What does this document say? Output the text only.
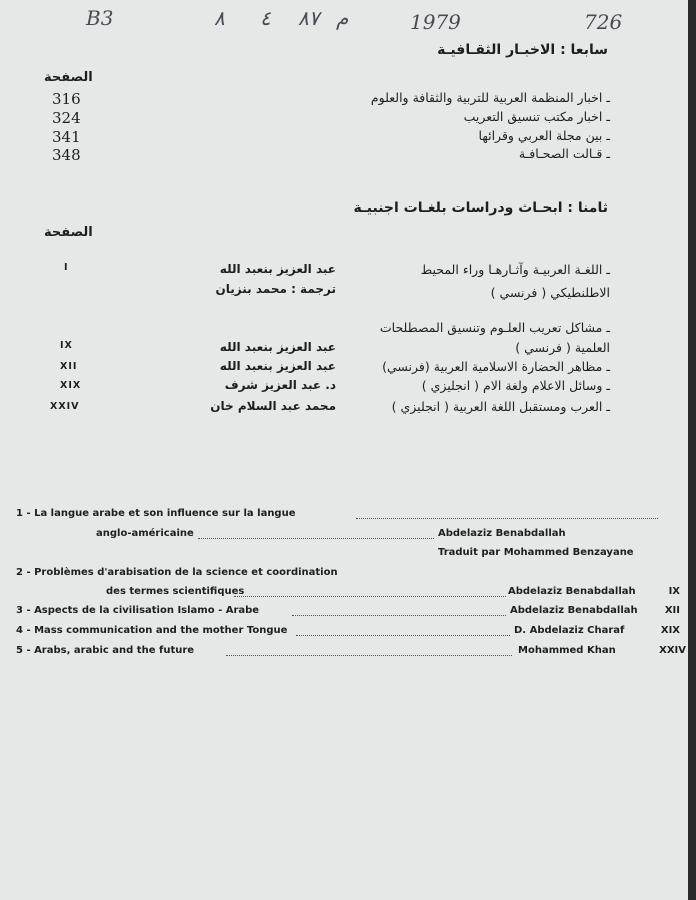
B3	٨ ٤ ٨٧ م	1979	726
سابعا : الاخبـار الثقـافيـة
الصفحة
ـ اخبار المنظمة العربية للتربية والثقافة والعلوم
316
ـ اخبار مكتب تنسيق التعريب
324
ـ بين مجلة العربي وقرائها
341
ـ قـالت الصحـافـة
348
ثامنا : ابحـاث ودراسات بلغـات اجنبيـة
الصفحة
ـ اللغـة العربيـة وآثـارهـا وراء المحيط
الاطلنطيكي ( فرنسي )
عبد العزيز بنعبد الله
ترجمة : محمد بنزيان
I
ـ مشاكل تعريب العلـوم وتنسيق المصطلحات
العلمية ( فرنسي )
عبد العزيز بنعبد الله
IX
ـ مظاهر الحضارة الاسلامية العربية (فرنسي)
عبد العزيز بنعبد الله
XII
ـ وسائل الاعلام ولغة الام ( انجليزي )
د. عبد العزيز شرف
XIX
ـ العرب ومستقبل اللغة العربية ( انجليزي )
محمد عبد السلام خان
XXIV
1 - La langue arabe et son influence sur la langue
anglo-américaine	Abdelaziz Benabdallah
Traduit par Mohammed Benzayane
2 - Problèmes d'arabisation de la science et coordination
des termes scientifiques	Abdelaziz Benabdallah	IX
3 - Aspects de la civilisation Islamo - Arabe	Abdelaziz Benabdallah	XII
4 - Mass communication and the mother Tongue	D. Abdelaziz Charaf	XIX
5 - Arabs, arabic and the future	Mohammed Khan	XXIV
